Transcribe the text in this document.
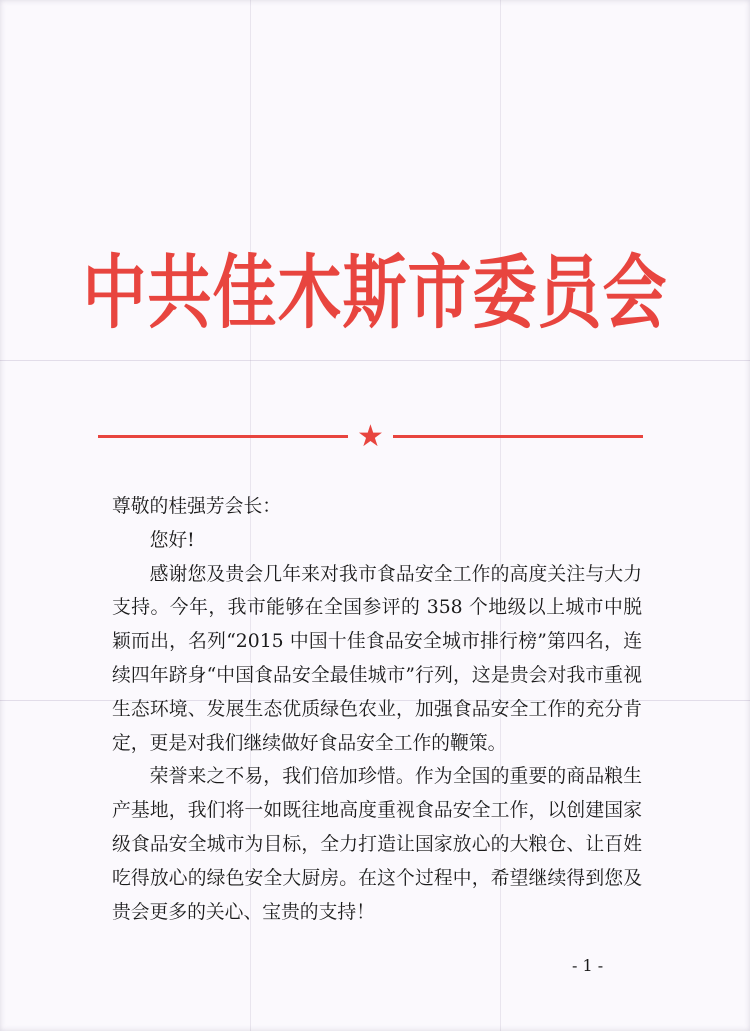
中共佳木斯市委员会
★

尊敬的桂强芳会长：

您好!

感谢您及贵会几年来对我市食品安全工作的高度关注与大力支持。今年，我市能够在全国参评的 358 个地级以上城市中脱颖而出，名列“2015 中国十佳食品安全城市排行榜”第四名，连续四年跻身“中国食品安全最佳城市”行列，这是贵会对我市重视生态环境、发展生态优质绿色农业，加强食品安全工作的充分肯定，更是对我们继续做好食品安全工作的鞭策。

荣誉来之不易，我们倍加珍惜。作为全国的重要的商品粮生产基地，我们将一如既往地高度重视食品安全工作，以创建国家级食品安全城市为目标，全力打造让国家放心的大粮仓、让百姓吃得放心的绿色安全大厨房。在这个过程中，希望继续得到您及贵会更多的关心、宝贵的支持！

- 1 -
